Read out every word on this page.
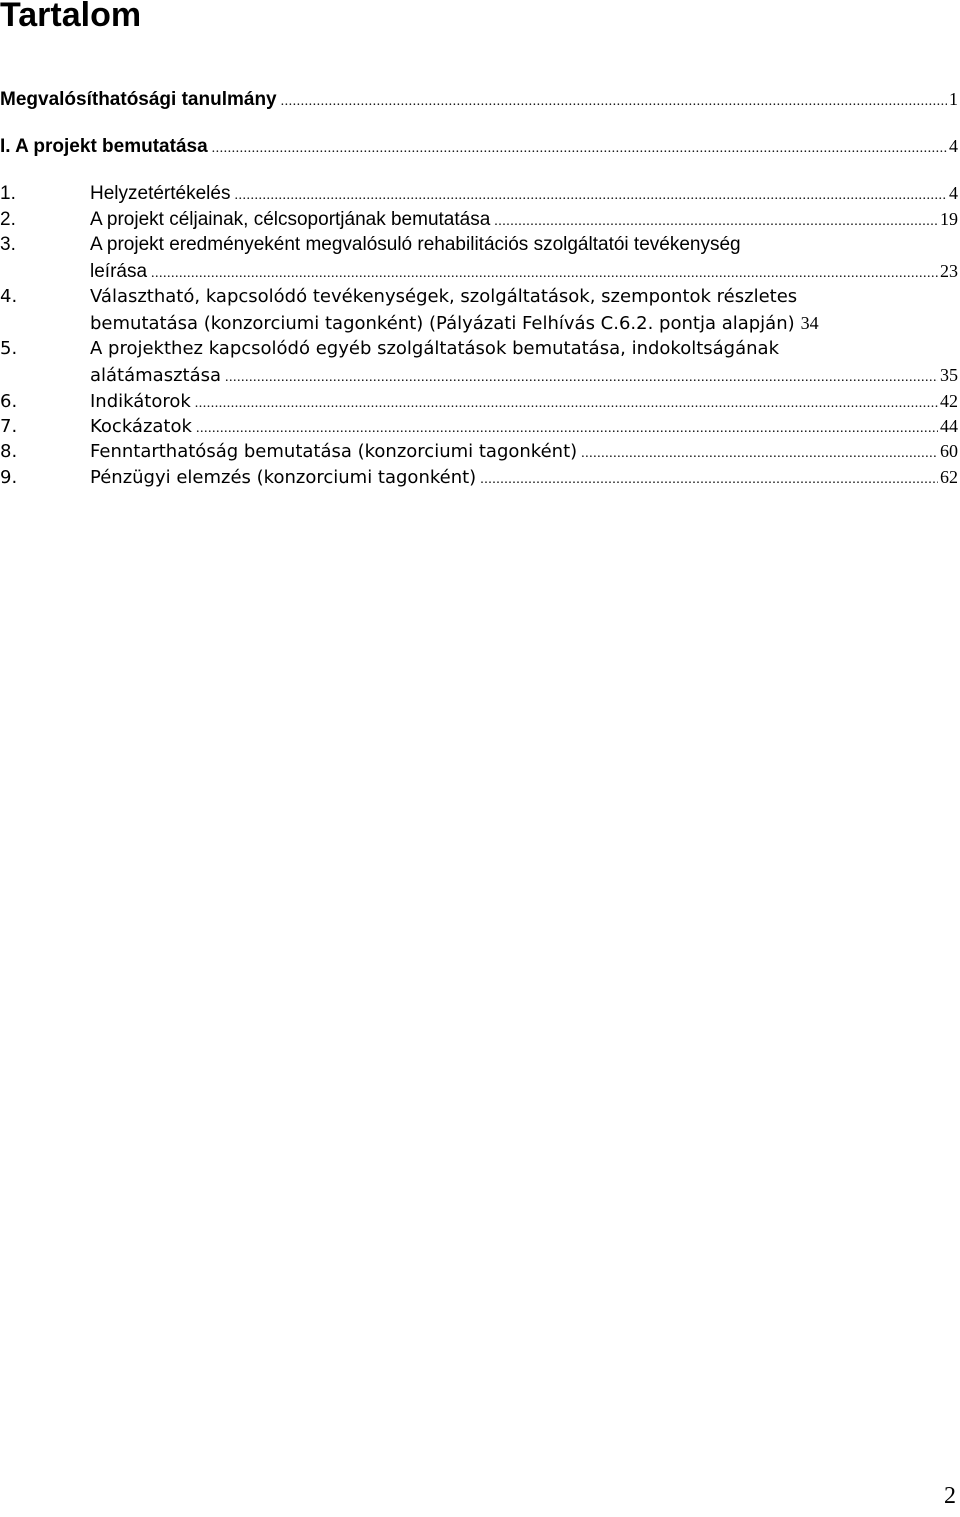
Tartalom
Megvalósíthatósági tanulmány .....	1
I. A projekt bemutatása .....	4
1.	Helyzetértékelés .....	4
2.	A projekt céljainak, célcsoportjának bemutatása .....	19
3.	A projekt eredményeként megvalósuló rehabilitációs szolgáltatói tevékenység
leírása .....	23
4.	Választható, kapcsolódó tevékenységek, szolgáltatások, szempontok részletes
bemutatása (konzorciumi tagonként) (Pályázati Felhívás C.6.2. pontja alapján) 34
5.	A projekthez kapcsolódó egyéb szolgáltatások bemutatása, indokoltságának
alátámasztása .....	35
6.	Indikátorok .....	42
7.	Kockázatok .....	44
8.	Fenntarthatóság bemutatása (konzorciumi tagonként) .....	60
9.	Pénzügyi elemzés (konzorciumi tagonként) .....	62
2
